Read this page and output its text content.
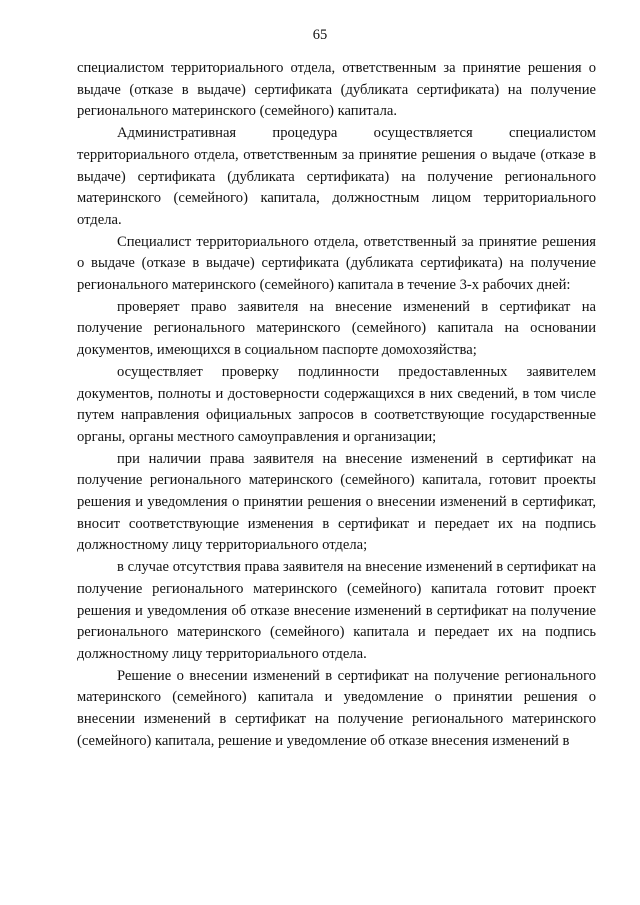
65

специалистом территориального отдела, ответственным за принятие решения о выдаче (отказе в выдаче) сертификата (дубликата сертификата) на получение регионального материнского (семейного) капитала.

Административная процедура осуществляется специалистом территориального отдела, ответственным за принятие решения о выдаче (отказе в выдаче) сертификата (дубликата сертификата) на получение регионального материнского (семейного) капитала, должностным лицом территориального отдела.

Специалист территориального отдела, ответственный за принятие решения о выдаче (отказе в выдаче) сертификата (дубликата сертификата) на получение регионального материнского (семейного) капитала в течение 3-х рабочих дней:

проверяет право заявителя на внесение изменений в сертификат на получение регионального материнского (семейного) капитала на основании документов, имеющихся в социальном паспорте домохозяйства;

осуществляет проверку подлинности предоставленных заявителем документов, полноты и достоверности содержащихся в них сведений, в том числе путем направления официальных запросов в соответствующие государственные органы, органы местного самоуправления и организации;

при наличии права заявителя на внесение изменений в сертификат на получение регионального материнского (семейного) капитала, готовит проекты решения и уведомления о принятии решения о внесении изменений в сертификат, вносит соответствующие изменения в сертификат и передает их на подпись должностному лицу территориального отдела;

в случае отсутствия права заявителя на внесение изменений в сертификат на получение регионального материнского (семейного) капитала готовит проект решения и уведомления об отказе внесение изменений в сертификат на получение регионального материнского (семейного) капитала и передает их на подпись должностному лицу территориального отдела.

Решение о внесении изменений в сертификат на получение регионального материнского (семейного) капитала и уведомление о принятии решения о внесении изменений в сертификат на получение регионального материнского (семейного) капитала, решение и уведомление об отказе внесения изменений в
